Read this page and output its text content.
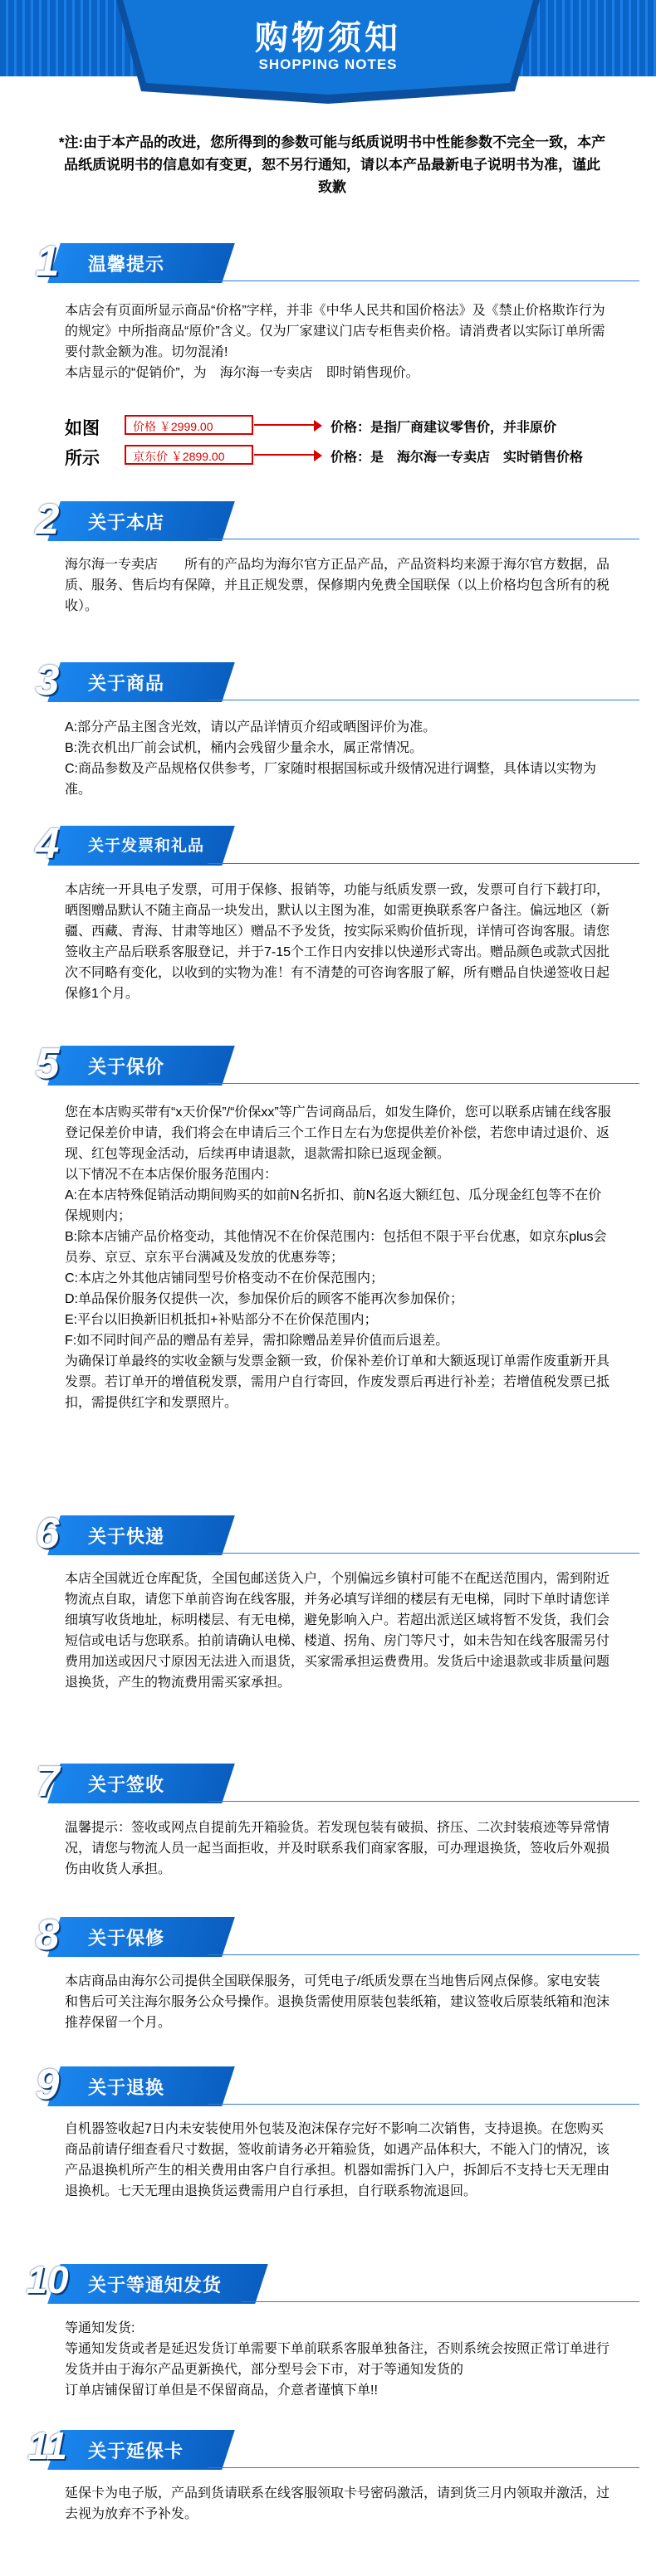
购物须知
SHOPPING NOTES
*注:由于本产品的改进，您所得到的参数可能与纸质说明书中性能参数不完全一致，本产品纸质说明书的信息如有变更，恕不另行通知，请以本产品最新电子说明书为准，谨此致歉
1	温馨提示

本店会有页面所显示商品“价格”字样，并非《中华人民共和国价格法》及《禁止价格欺诈行为的规定》中所指商品“原价”含义。仅为厂家建议门店专柜售卖价格。请消费者以实际订单所需要付款金额为准。切勿混淆!

本店显示的“促销价”，为　海尔海一专卖店　即时销售现价。

如图	价格 ￥2999.00	价格：是指厂商建议零售价，并非原价
所示	京东价 ￥2899.00	价格：是　海尔海一专卖店　实时销售价格
2	关于本店

海尔海一专卖店　　所有的产品均为海尔官方正品产品，产品资料均来源于海尔官方数据，品质、服务、售后均有保障，并且正规发票，保修期内免费全国联保（以上价格均包含所有的税收）。

3	关于商品

A:部分产品主图含光效，请以产品详情页介绍或晒图评价为准。

B:洗衣机出厂前会试机，桶内会残留少量余水，属正常情况。

C:商品参数及产品规格仅供参考，厂家随时根据国标或升级情况进行调整，具体请以实物为准。

4	关于发票和礼品

本店统一开具电子发票，可用于保修、报销等，功能与纸质发票一致，发票可自行下载打印，晒图赠品默认不随主商品一块发出，默认以主图为准，如需更换联系客户备注。偏远地区（新疆、西藏、青海、甘肃等地区）赠品不予发货，按实际采购价值折现，详情可咨询客服。请您签收主产品后联系客服登记，并于7-15个工作日内安排以快递形式寄出。赠品颜色或款式因批次不同略有变化，以收到的实物为准！有不清楚的可咨询客服了解，所有赠品自快递签收日起保修1个月。

5	关于保价

您在本店购买带有“x天价保”/“价保xx”等广告词商品后，如发生降价，您可以联系店铺在线客服登记保差价申请，我们将会在申请后三个工作日左右为您提供差价补偿，若您申请过退价、返现、红包等现金活动，后续再申请退款，退款需扣除已返现金额。

以下情况不在本店保价服务范围内：

A:在本店特殊促销活动期间购买的如前N名折扣、前N名返大额红包、瓜分现金红包等不在价保规则内；

B:除本店铺产品价格变动，其他情况不在价保范围内：包括但不限于平台优惠，如京东plus会员券、京豆、京东平台满减及发放的优惠券等；

C:本店之外其他店铺同型号价格变动不在价保范围内；

D:单品保价服务仅提供一次，参加保价后的顾客不能再次参加保价；

E:平台以旧换新旧机抵扣+补贴部分不在价保范围内；

F:如不同时间产品的赠品有差异，需扣除赠品差异价值而后退差。

为确保订单最终的实收金额与发票金额一致，价保补差价订单和大额返现订单需作废重新开具发票。若订单开的增值税发票，需用户自行寄回，作废发票后再进行补差；若增值税发票已抵扣，需提供红字和发票照片。

6	关于快递

本店全国就近仓库配货，全国包邮送货入户，个别偏远乡镇村可能不在配送范围内，需到附近物流点自取，请您下单前咨询在线客服，并务必填写详细的楼层有无电梯，同时下单时请您详细填写收货地址，标明楼层、有无电梯，避免影响入户。若超出派送区域将暂不发货，我们会短信或电话与您联系。拍前请确认电梯、楼道、拐角、房门等尺寸，如未告知在线客服需另付费用加送或因尺寸原因无法进入而退货，买家需承担运费费用。发货后中途退款或非质量问题退换货，产生的物流费用需买家承担。

7	关于签收

温馨提示：签收或网点自提前先开箱验货。若发现包装有破损、挤压、二次封装痕迹等异常情况，请您与物流人员一起当面拒收，并及时联系我们商家客服，可办理退换货，签收后外观损伤由收货人承担。

8	关于保修

本店商品由海尔公司提供全国联保服务，可凭电子/纸质发票在当地售后网点保修。家电安装和售后可关注海尔服务公众号操作。退换货需使用原装包装纸箱，建议签收后原装纸箱和泡沫推荐保留一个月。

9	关于退换

自机器签收起7日内未安装使用外包装及泡沫保存完好不影响二次销售，支持退换。在您购买商品前请仔细查看尺寸数据，签收前请务必开箱验货，如遇产品体积大，不能入门的情况，该产品退换机所产生的相关费用由客户自行承担。机器如需拆门入户，拆卸后不支持七天无理由退换机。七天无理由退换货运费需用户自行承担，自行联系物流退回。

10	关于等通知发货

等通知发货:

等通知发货或者是延迟发货订单需要下单前联系客服单独备注，否则系统会按照正常订单进行发货并由于海尔产品更新换代，部分型号会下市，对于等通知发货的

订单店铺保留订单但是不保留商品，介意者谨慎下单!!

11	关于延保卡

延保卡为电子版，产品到货请联系在线客服领取卡号密码激活，请到货三月内领取并激活，过去视为放弃不予补发。
